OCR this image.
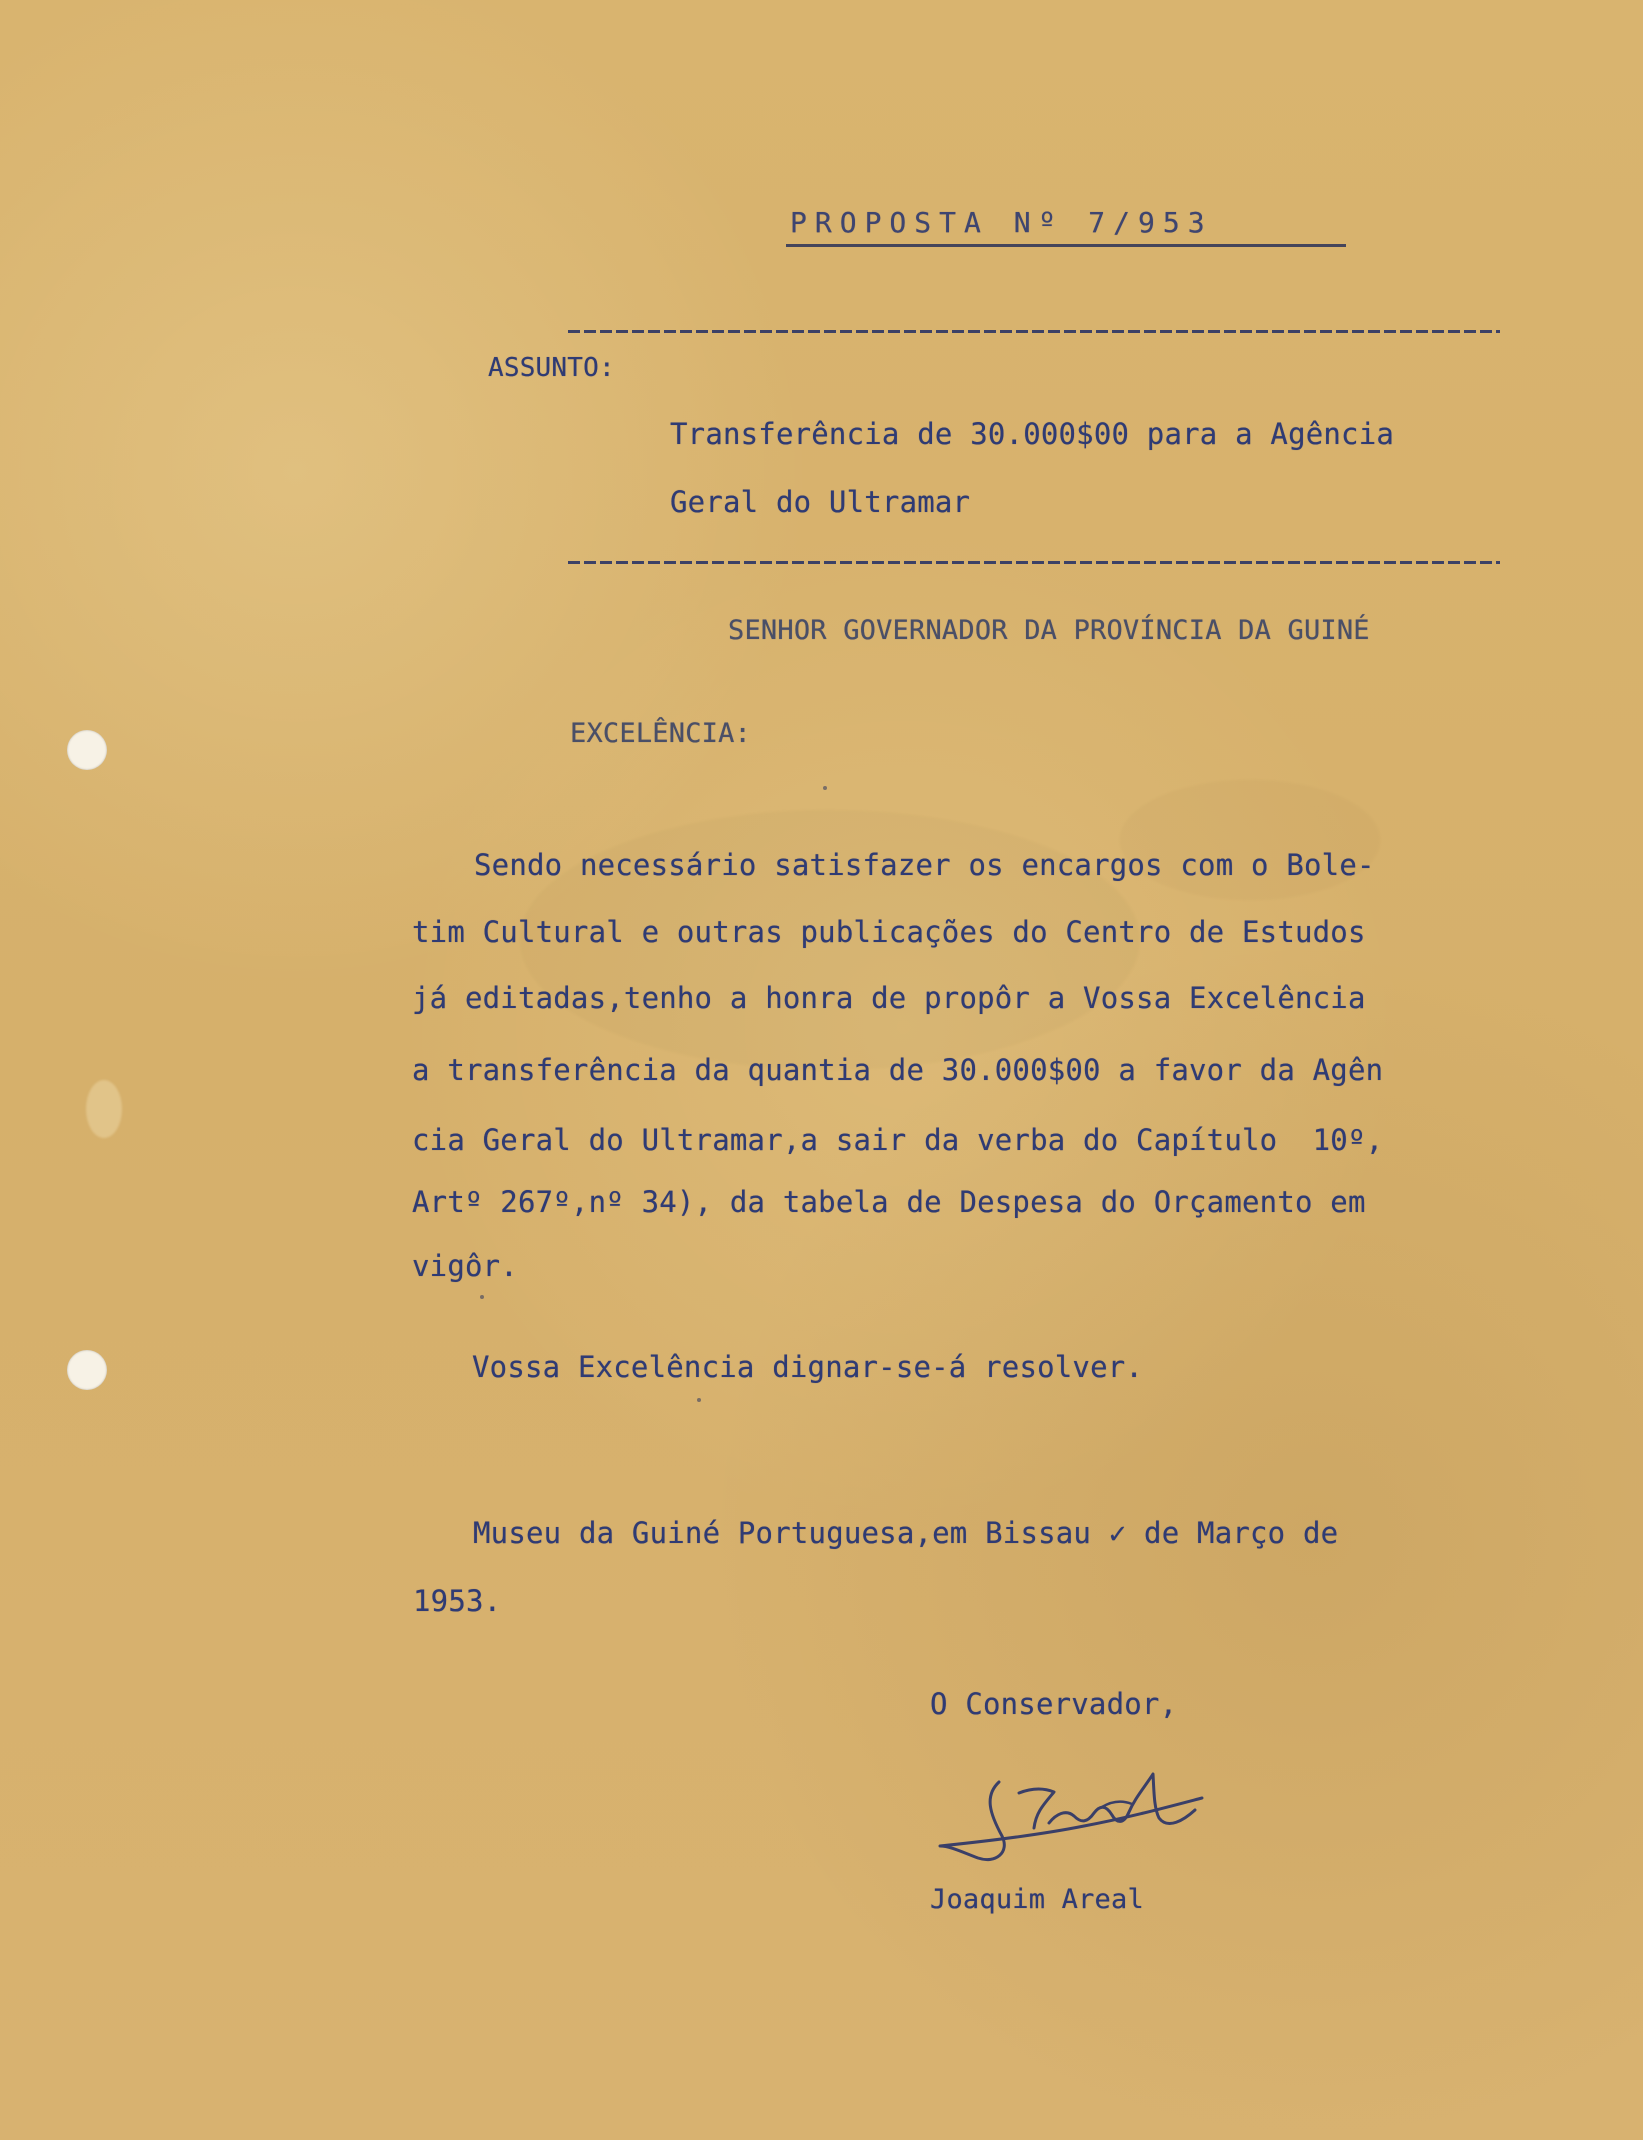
PROPOSTA Nº 7/953
ASSUNTO:
Transferência de 30.000$00 para a Agência
Geral do Ultramar
SENHOR GOVERNADOR DA PROVÍNCIA DA GUINÉ
EXCELÊNCIA:
Sendo necessário satisfazer os encargos com o Bole-
tim Cultural e outras publicações do Centro de Estudos
já editadas,tenho a honra de propôr a Vossa Excelência
a transferência da quantia de 30.000$00 a favor da Agên
cia Geral do Ultramar,a sair da verba do Capítulo  10º,
Artº 267º,nº 34), da tabela de Despesa do Orçamento em
vigôr.
Vossa Excelência dignar-se-á resolver.
Museu da Guiné Portuguesa,em Bissau ✓ de Março de
1953.
O Conservador,
Joaquim Areal
